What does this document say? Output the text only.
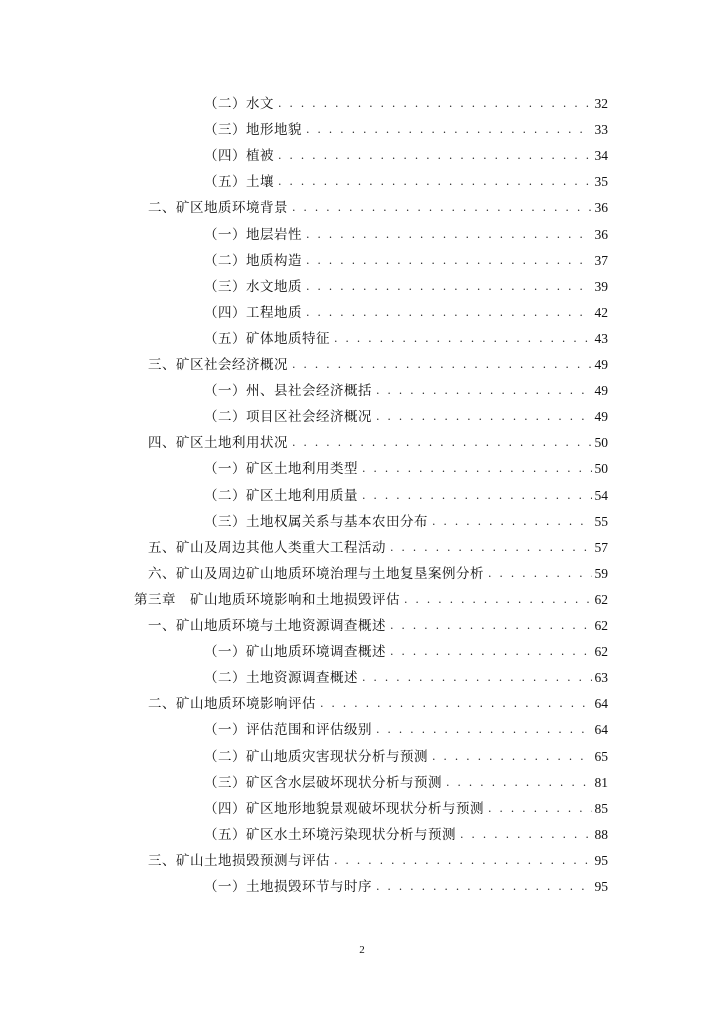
（二）水文 . . .	32
（三）地形地貌 . . .	33
（四）植被 . . .	34
（五）土壤 . . .	35
二、矿区地质环境背景 . . .	36
（一）地层岩性 . . .	36
（二）地质构造 . . .	37
（三）水文地质 . . .	39
（四）工程地质 . . .	42
（五）矿体地质特征 . . .	43
三、矿区社会经济概况 . . .	49
（一）州、县社会经济概括 . . .	49
（二）项目区社会经济概况 . . .	49
四、矿区土地利用状况 . . .	50
（一）矿区土地利用类型 . . .	50
（二）矿区土地利用质量 . . .	54
（三）土地权属关系与基本农田分布 . . .	55
五、矿山及周边其他人类重大工程活动 . . .	57
六、矿山及周边矿山地质环境治理与土地复垦案例分析 . . .	59
第三章　矿山地质环境影响和土地损毁评估 . . .	62
一、矿山地质环境与土地资源调查概述 . . .	62
（一）矿山地质环境调查概述 . . .	62
（二）土地资源调查概述 . . .	63
二、矿山地质环境影响评估 . . .	64
（一）评估范围和评估级别 . . .	64
（二）矿山地质灾害现状分析与预测 . . .	65
（三）矿区含水层破坏现状分析与预测 . . .	81
（四）矿区地形地貌景观破坏现状分析与预测 . . .	85
（五）矿区水土环境污染现状分析与预测 . . .	88
三、矿山土地损毁预测与评估 . . .	95
（一）土地损毁环节与时序 . . .	95
2
